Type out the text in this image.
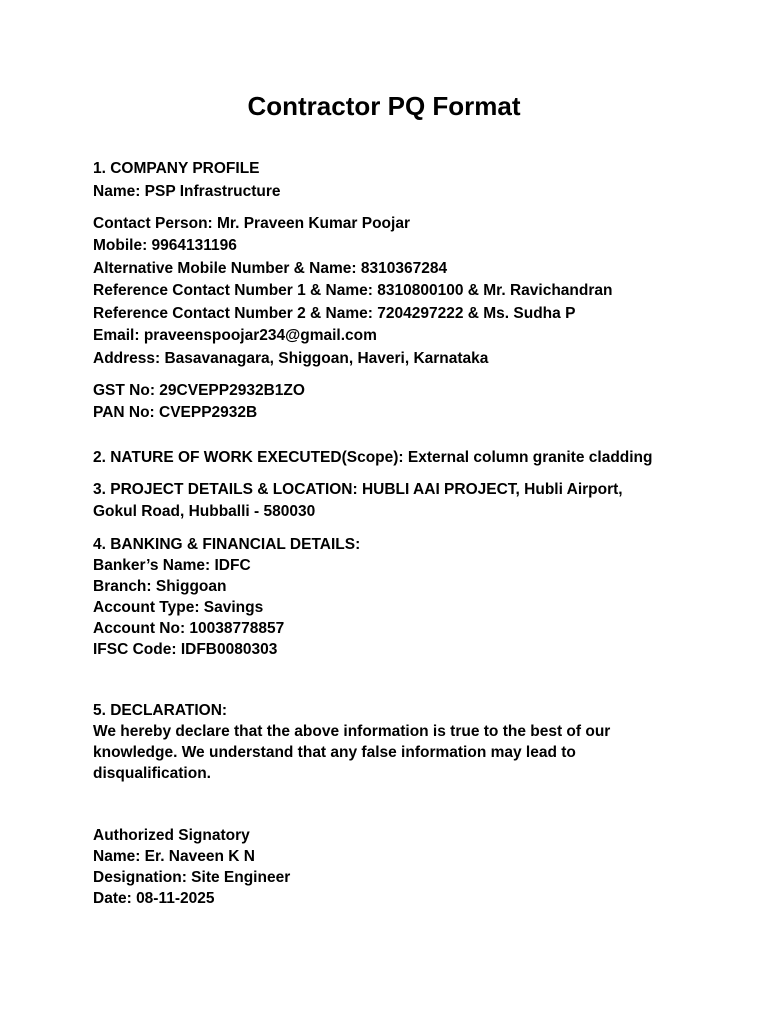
Contractor PQ Format

1. COMPANY PROFILE

Name: PSP Infrastructure

Contact Person: Mr. Praveen Kumar Poojar

Mobile: 9964131196

Alternative Mobile Number & Name: 8310367284

Reference Contact Number 1 & Name: 8310800100 & Mr. Ravichandran

Reference Contact Number 2 & Name: 7204297222 & Ms. Sudha P

Email: praveenspoojar234@gmail.com

Address: Basavanagara, Shiggoan, Haveri, Karnataka

GST No: 29CVEPP2932B1ZO

PAN No: CVEPP2932B

2. NATURE OF WORK EXECUTED(Scope): External column granite cladding

3. PROJECT DETAILS & LOCATION: HUBLI AAI PROJECT, Hubli Airport, Gokul Road, Hubballi - 580030

4. BANKING & FINANCIAL DETAILS:

Banker’s Name: IDFC

Branch: Shiggoan

Account Type: Savings

Account No: 10038778857

IFSC Code: IDFB0080303

5. DECLARATION:

We hereby declare that the above information is true to the best of our knowledge. We understand that any false information may lead to disqualification.

Authorized Signatory

Name: Er. Naveen K N

Designation: Site Engineer

Date: 08-11-2025
